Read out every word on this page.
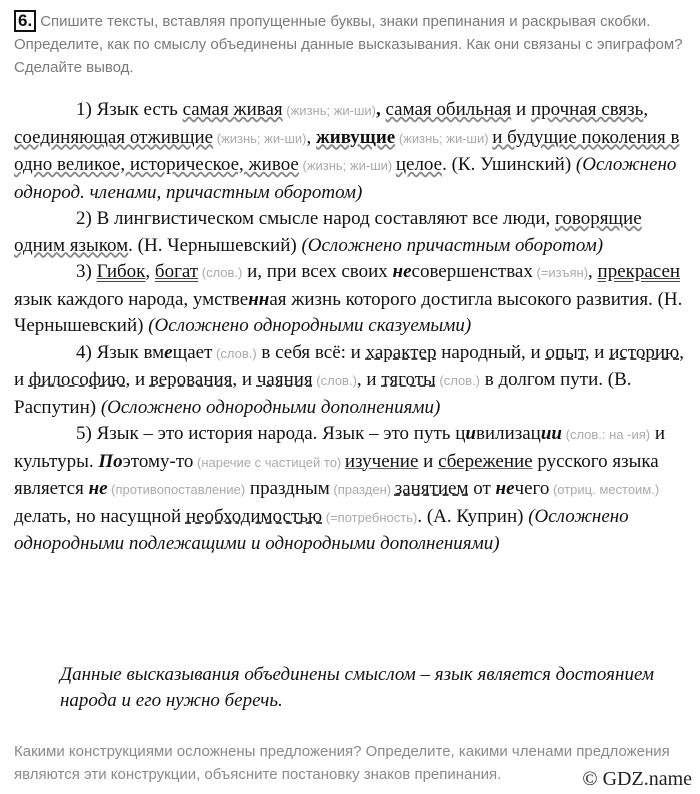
6. Спишите тексты, вставляя пропущенные буквы, знаки препинания и раскрывая скобки. Определите, как по смыслу объединены данные высказывания. Как они связаны с эпиграфом? Сделайте вывод.

1) Язык есть самая живая (жизнь; жи-ши), самая обильная и прочная связь, соединяющая отживщие (жизнь; жи-ши), живущие (жизнь; жи-ши) и будущие поколения в одно великое, историческое, живое (жизнь; жи-ши) целое. (К. Ушинский) (Осложнено однород. членами, причастным оборотом)

2) В лингвистическом смысле народ составляют все люди, говорящие одним языком. (Н. Чернышевский) (Осложнено причастным оборотом)

3) Гибок, богат (слов.) и, при всех своих несовершенствах (=изъян), прекрасен язык каждого народа, умственная жизнь которого достигла высокого развития. (Н. Чернышевский) (Осложнено однородными сказуемыми)

4) Язык вмещает (слов.) в себя всё: и характер народный, и опыт, и историю, и философию, и верования, и чаяния (слов.), и тяготы (слов.) в долгом пути. (В. Распутин) (Осложнено однородными дополнениями)

5) Язык – это история народа. Язык – это путь цивилизации (слов.: на -ия) и культуры. Поэтому-то (наречие с частицей то) изучение и сбережение русского языка является не (противопоставление) праздным (празден) занятием от нечего (отриц. местоим.) делать, но насущной необходимостью (=потребность). (А. Куприн) (Осложнено однородными подлежащими и однородными дополнениями)

Данные высказывания объединены смыслом – язык является достоянием народа и его нужно беречь.
Какими конструкциями осложнены предложения? Определите, какими членами предложения являются эти конструкции, объясните постановку знаков препинания.	© GDZ.name
